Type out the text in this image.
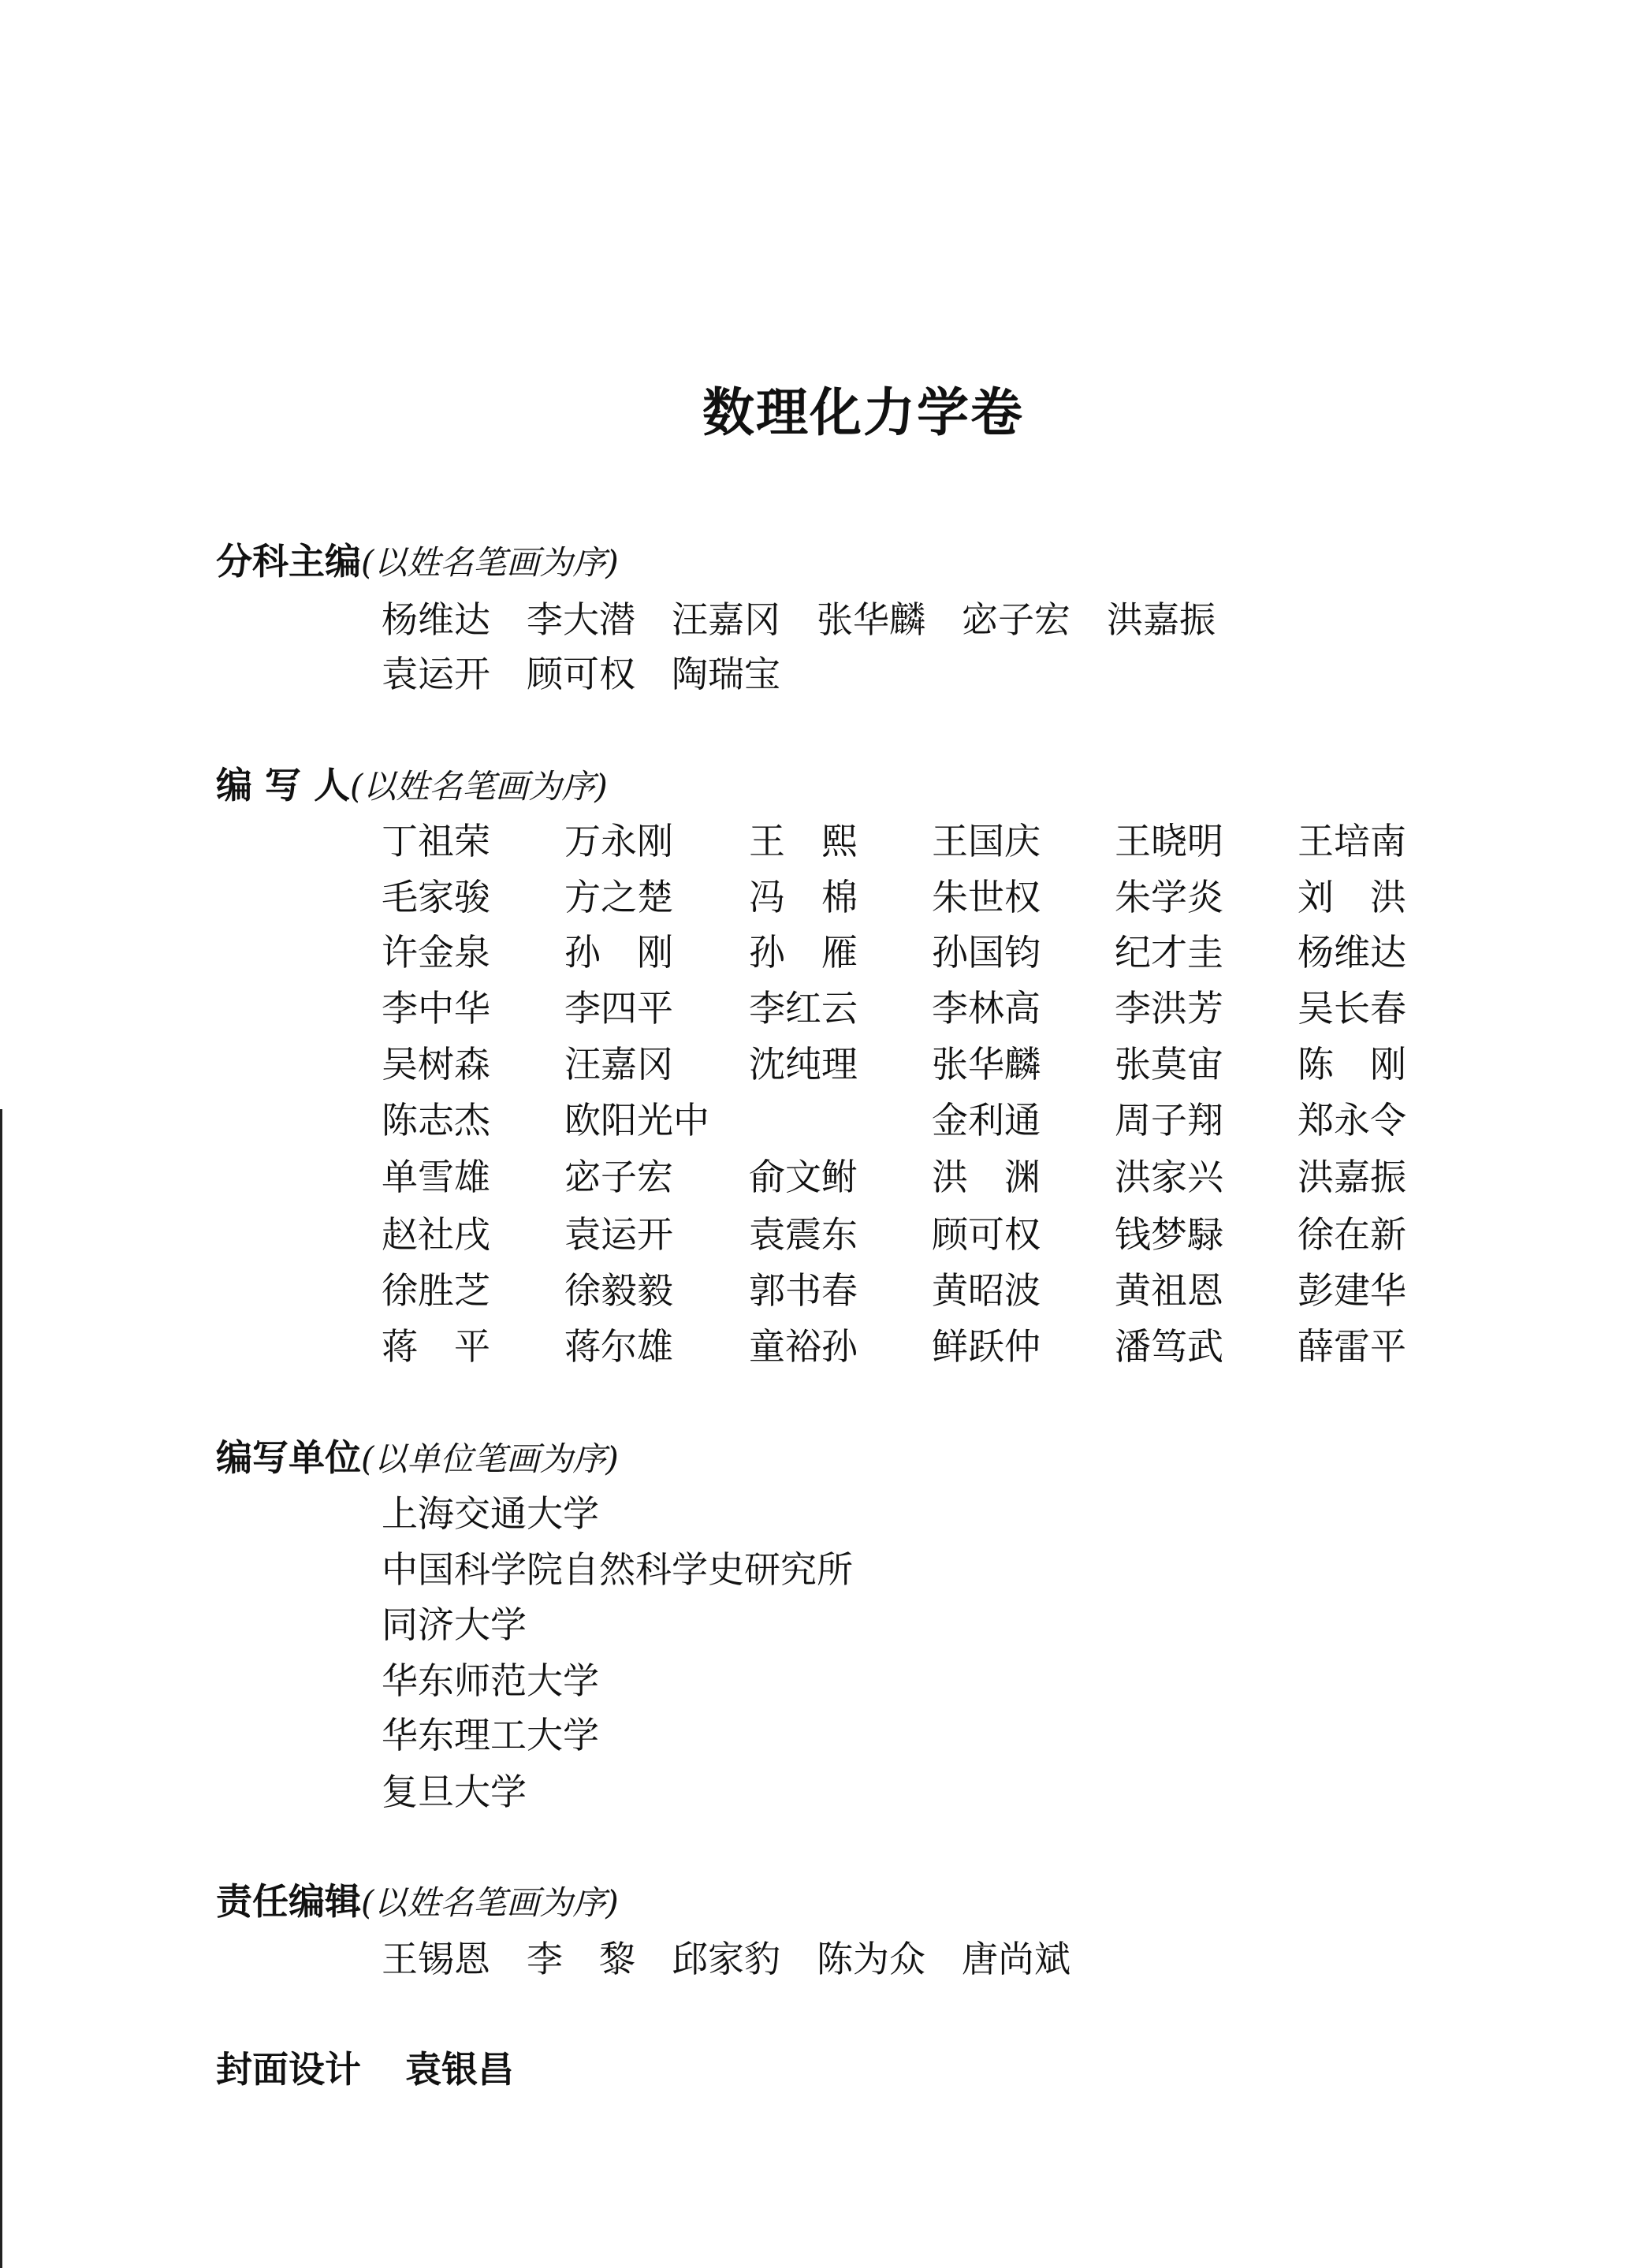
数理化力学卷
分科主编(以姓名笔画为序)
杨维达　李大潜　汪嘉冈　张华麟　宓子宏　洪嘉振
袁运开　顾可权　陶瑞宝
编 写 人(以姓名笔画为序)
丁祖荣 万永刚 王　熙 王国庆 王晓明 王培南
毛家骏 方之楚 冯　棉 朱世权 朱学炎 刘　洪
许金泉 孙　刚 孙　雁 孙国钧 纪才圭 杨维达
李中华 李四平 李红云 李林高 李洪芳 吴长春
吴树森 汪嘉冈 沈纯理 张华麟 张莫宙 陈　刚
陈志杰 欧阳光中	金利通 周子翔 郑永令
单雪雄 宓子宏 俞文鲋 洪　渊 洪家兴 洪嘉振
赵社戌 袁运开 袁震东 顾可权 钱梦騄 徐在新
徐胜芝 徐毅毅 郭书春 黄昭波 黄祖恩 彭建华
蒋　平 蒋尔雄 童裕孙 鲜跃仲 潘笃武 薛雷平
编写单位(以单位笔画为序)
上海交通大学
中国科学院自然科学史研究所
同济大学
华东师范大学
华东理工大学
复旦大学
责任编辑(以姓名笔画为序)
王锡恩　李　黎　邱家豹　陈为众　唐尚斌
封面设计 袁银昌
